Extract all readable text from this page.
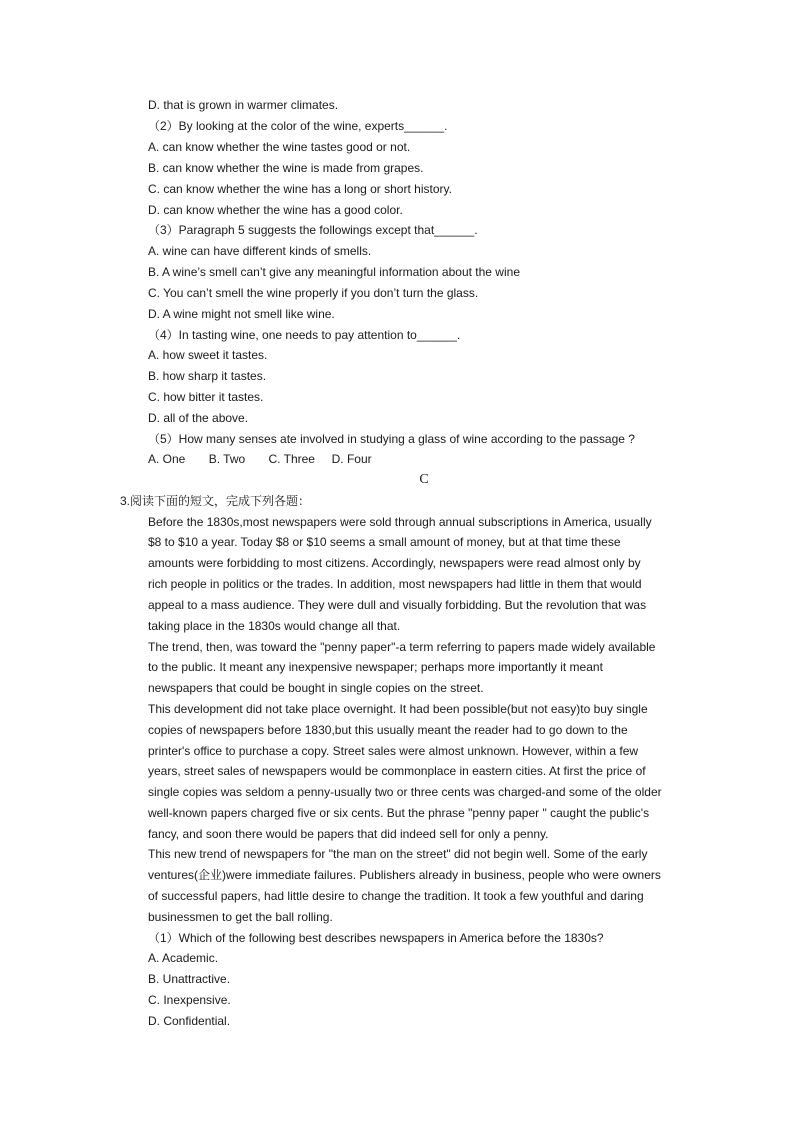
D. that is grown in warmer climates.
（2）By looking at the color of the wine, experts______.
A. can know whether the wine tastes good or not.
B. can know whether the wine is made from grapes.
C. can know whether the wine has a long or short history.
D. can know whether the wine has a good color.
（3）Paragraph 5 suggests the followings except that______.
A. wine can have different kinds of smells.
B. A wine’s smell can’t give any meaningful information about the wine
C. You can’t smell the wine properly if you don’t turn the glass.
D. A wine might not smell like wine.
（4）In tasting wine, one needs to pay attention to______.
A. how sweet it tastes.
B. how sharp it tastes.
C. how bitter it tastes.
D. all of the above.
（5）How many senses ate involved in studying a glass of wine according to the passage ?
A. One       B. Two       C. Three     D. Four
C
3.阅读下面的短文，完成下列各题：
Before the 1830s,most newspapers were sold through annual subscriptions in America, usually
$8 to $10 a year. Today $8 or $10 seems a small amount of money, but at that time these
amounts were forbidding to most citizens. Accordingly, newspapers were read almost only by
rich people in politics or the trades. In addition, most newspapers had little in them that would
appeal to a mass audience. They were dull and visually forbidding. But the revolution that was
taking place in the 1830s would change all that.
The trend, then, was toward the "penny paper"-a term referring to papers made widely available
to the public. It meant any inexpensive newspaper; perhaps more importantly it meant
newspapers that could be bought in single copies on the street.
This development did not take place overnight. It had been possible(but not easy)to buy single
copies of newspapers before 1830,but this usually meant the reader had to go down to the
printer's office to purchase a copy. Street sales were almost unknown. However, within a few
years, street sales of newspapers would be commonplace in eastern cities. At first the price of
single copies was seldom a penny-usually two or three cents was charged-and some of the older
well-known papers charged five or six cents. But the phrase "penny paper " caught the public's
fancy, and soon there would be papers that did indeed sell for only a penny.
This new trend of newspapers for "the man on the street" did not begin well. Some of the early
ventures(企业)were immediate failures. Publishers already in business, people who were owners
of successful papers, had little desire to change the tradition. It took a few youthful and daring
businessmen to get the ball rolling.
（1）Which of the following best describes newspapers in America before the 1830s?
A. Academic.
B. Unattractive.
C. Inexpensive.
D. Confidential.
